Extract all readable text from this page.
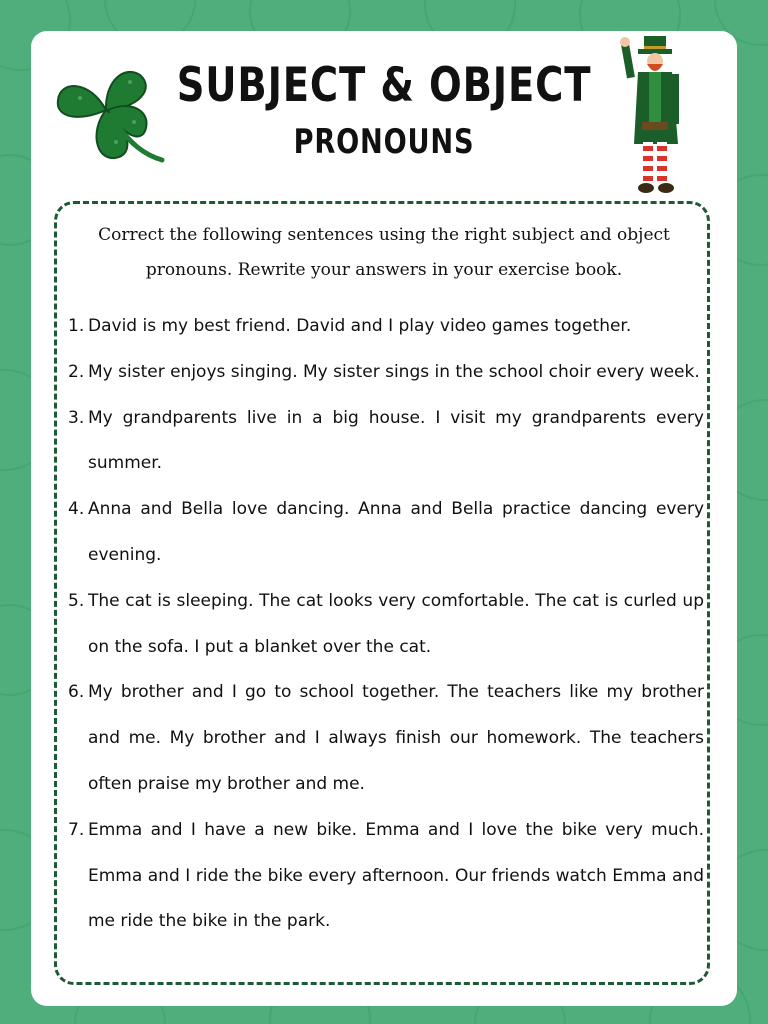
SUBJECT & OBJECT
PRONOUNS
Correct the following sentences using the right subject and object pronouns. Rewrite your answers in your exercise book.
1. David is my best friend. David and I play video games together.
2. My sister enjoys singing. My sister sings in the school choir every week.
3. My grandparents live in a big house. I visit my grandparents every summer.
4. Anna and Bella love dancing. Anna and Bella practice dancing every evening.
5. The cat is sleeping. The cat looks very comfortable. The cat is curled up on the sofa. I put a blanket over the cat.
6. My brother and I go to school together. The teachers like my brother and me. My brother and I always finish our homework. The teachers often praise my brother and me.
7. Emma and I have a new bike. Emma and I love the bike very much. Emma and I ride the bike every afternoon. Our friends watch Emma and me ride the bike in the park.
